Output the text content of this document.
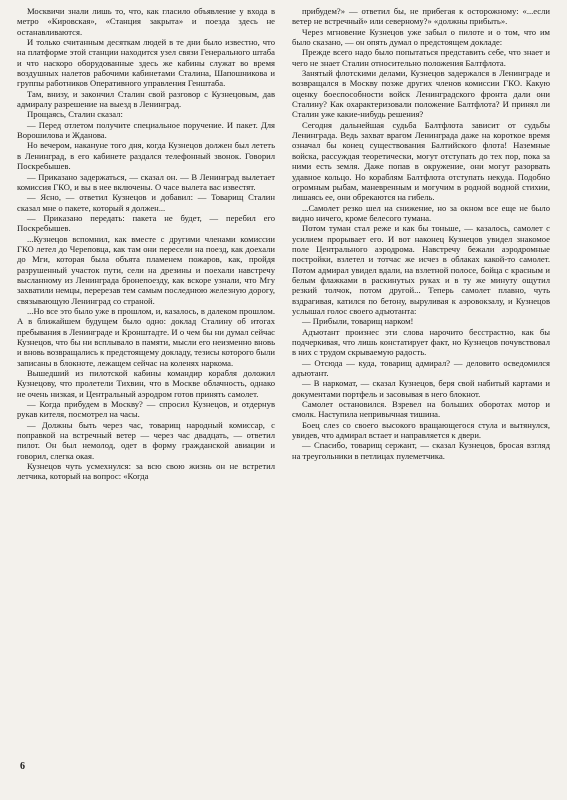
Москвичи знали лишь то, что, как гласило объявление у входа в метро «Кировская», «Станция закрыта» и поезда здесь не останавливаются.

И только считанным десяткам людей в те дни было известно, что на платформе этой станции находится узел связи Генерального штаба и что наскоро оборудованные здесь же кабины служат во время воздушных налетов рабочими кабинетами Сталина, Шапошникова и группы работников Оперативного управления Генштаба.

Там, внизу, и закончил Сталин свой разговор с Кузнецовым, дав адмиралу разрешение на выезд в Ленинград.

Прощаясь, Сталин сказал:

— Перед отлетом получите специальное поручение. И пакет. Для Ворошилова и Жданова.

Но вечером, накануне того дня, когда Кузнецов должен был лететь в Ленинград, в его кабинете раздался телефонный звонок. Говорил Поскребышев.

— Приказано задержаться, — сказал он. — В Ленинград вылетает комиссия ГКО, и вы в нее включены. О часе вылета вас известят.

— Ясно, — ответил Кузнецов и добавил: — Товарищ Сталин сказал мне о пакете, который я должен...

— Приказано передать: пакета не будет, — перебил его Поскребышев.

...Кузнецов вспомнил, как вместе с другими членами комиссии ГКО летел до Череповца, как там они пересели на поезд, как доехали до Мги, которая была объята пламенем пожаров, как, пройдя разрушенный участок пути, сели на дрезины и поехали навстречу высланному из Ленинграда бронепоезду, как вскоре узнали, что Мгу захватили немцы, перерезав тем самым последнюю железную дорогу, связывающую Ленинград со страной.

...Но все это было уже в прошлом, и, казалось, в далеком прошлом. А в ближайшем будущем было одно: доклад Сталину об итогах пребывания в Ленинграде и Кронштадте. И о чем бы ни думал сейчас Кузнецов, что бы ни всплывало в памяти, мысли его неизменно вновь и вновь возвращались к предстоящему докладу, тезисы которого были записаны в блокноте, лежащем сейчас на коленях наркома.

Вышедший из пилотской кабины командир корабля доложил Кузнецову, что пролетели Тихвин, что в Москве облачность, однако не очень низкая, и Центральный аэродром готов принять самолет.

— Когда прибудем в Москву? — спросил Кузнецов, и отдернув рукав кителя, посмотрел на часы.

— Должны быть через час, товарищ народный комиссар, с поправкой на встречный ветер — через час двадцать, — ответил пилот. Он был немолод, одет в форму гражданской авиации и говорил, слегка окая.

Кузнецов чуть усмехнулся: за всю свою жизнь он не встретил летчика, который на вопрос: «Когда

прибудем?» — ответил бы, не прибегая к осторожному: «...если ветер не встречный» или северному?» «должны прибыть».

Через мгновение Кузнецов уже забыл о пилоте и о том, что им было сказано, — он опять думал о предстоящем докладе:

Прежде всего надо было попытаться представить себе, что знает и чего не знает Сталин относительно положения Балтфлота.

Занятый флотскими делами, Кузнецов задержался в Ленинграде и возвращался в Москву позже других членов комиссии ГКО. Какую оценку боеспособности войск Ленинградского фронта дали они Сталину? Как охарактеризовали положение Балтфлота? И принял ли Сталин уже какие-нибудь решения?

Сегодня дальнейшая судьба Балтфлота зависит от судьбы Ленинграда. Ведь захват врагом Ленинграда даже на короткое время означал бы конец существования Балтийского флота! Наземные войска, рассуждая теоретически, могут отступать до тех пор, пока за ними есть земля. Даже попав в окружение, они могут разорвать удавное кольцо. Но кораблям Балтфлота отступать некуда. Подобно огромным рыбам, маневренным и могучим в родной водной стихии, лишаясь ее, они обрекаются на гибель.

...Самолет резко шел на снижение, но за окном все еще не было видно ничего, кроме белесого тумана.

Потом туман стал реже и как бы тоньше, — казалось, самолет с усилием прорывает его. И вот наконец Кузнецов увидел знакомое поле Центрального аэродрома. Навстречу бежали аэродромные постройки, взлетел и тотчас же исчез в облаках какой-то самолет. Потом адмирал увидел вдали, на взлетной полосе, бойца с красным и белым флажками в раскинутых руках и в ту же минуту ощутил резкий толчок, потом другой... Теперь самолет плавно, чуть вздрагивая, катился по бетону, выруливая к аэровокзалу, и Кузнецов услышал голос своего адъютанта:

— Прибыли, товарищ нарком!

Адъютант произнес эти слова нарочито бесстрастно, как бы подчеркивая, что лишь констатирует факт, но Кузнецов почувствовал в них с трудом скрываемую радость.

— Отсюда — куда, товарищ адмирал? — деловито осведомился адъютант.

— В наркомат, — сказал Кузнецов, беря свой набитый картами и документами портфель и засовывая в него блокнот.

Самолет остановился. Взревел на больших оборотах мотор и смолк. Наступила непривычная тишина.

Боец слез со своего высокого вращающегося стула и вытянулся, увидев, что адмирал встает и направляется к двери.

— Спасибо, товарищ сержант, — сказал Кузнецов, бросая взгляд на треугольники в петлицах пулеметчика.

6
